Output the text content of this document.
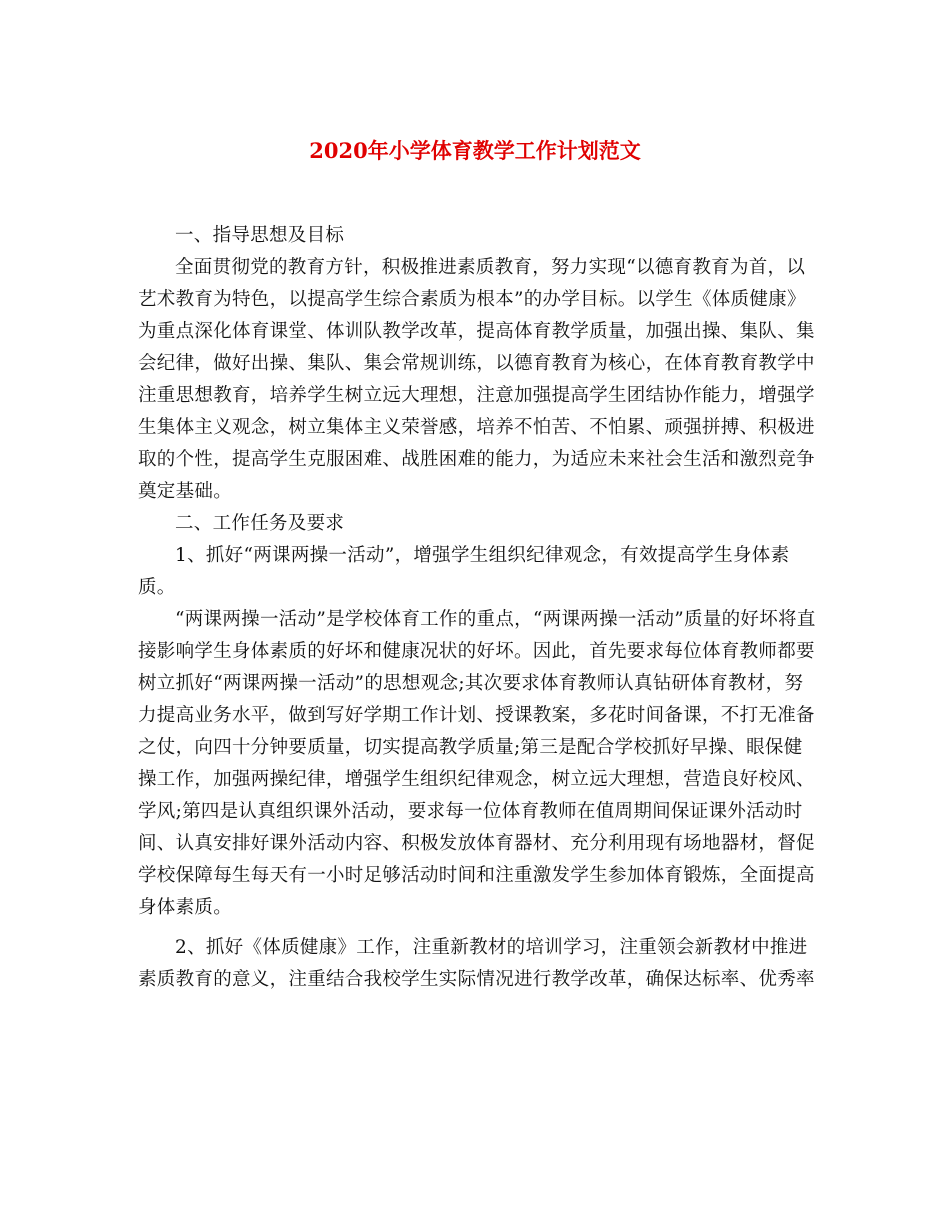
2020年小学体育教学工作计划范文

一、指导思想及目标

全面贯彻党的教育方针，积极推进素质教育，努力实现“以德育教育为首，以艺术教育为特色，以提高学生综合素质为根本”的办学目标。以学生《体质健康》为重点深化体育课堂、体训队教学改革，提高体育教学质量，加强出操、集队、集会纪律，做好出操、集队、集会常规训练，以德育教育为核心，在体育教育教学中注重思想教育，培养学生树立远大理想，注意加强提高学生团结协作能力，增强学生集体主义观念，树立集体主义荣誉感，培养不怕苦、不怕累、顽强拼搏、积极进取的个性，提高学生克服困难、战胜困难的能力，为适应未来社会生活和激烈竞争奠定基础。

二、工作任务及要求

1、抓好“两课两操一活动”，增强学生组织纪律观念，有效提高学生身体素质。

“两课两操一活动”是学校体育工作的重点，“两课两操一活动”质量的好坏将直接影响学生身体素质的好坏和健康况状的好坏。因此，首先要求每位体育教师都要树立抓好“两课两操一活动”的思想观念;其次要求体育教师认真钻研体育教材，努力提高业务水平，做到写好学期工作计划、授课教案，多花时间备课，不打无准备之仗，向四十分钟要质量，切实提高教学质量;第三是配合学校抓好早操、眼保健操工作，加强两操纪律，增强学生组织纪律观念，树立远大理想，营造良好校风、学风;第四是认真组织课外活动，要求每一位体育教师在值周期间保证课外活动时间、认真安排好课外活动内容、积极发放体育器材、充分利用现有场地器材，督促学校保障每生每天有一小时足够活动时间和注重激发学生参加体育锻炼，全面提高身体素质。

2、抓好《体质健康》工作，注重新教材的培训学习，注重领会新教材中推进素质教育的意义，注重结合我校学生实际情况进行教学改革，确保达标率、优秀率
